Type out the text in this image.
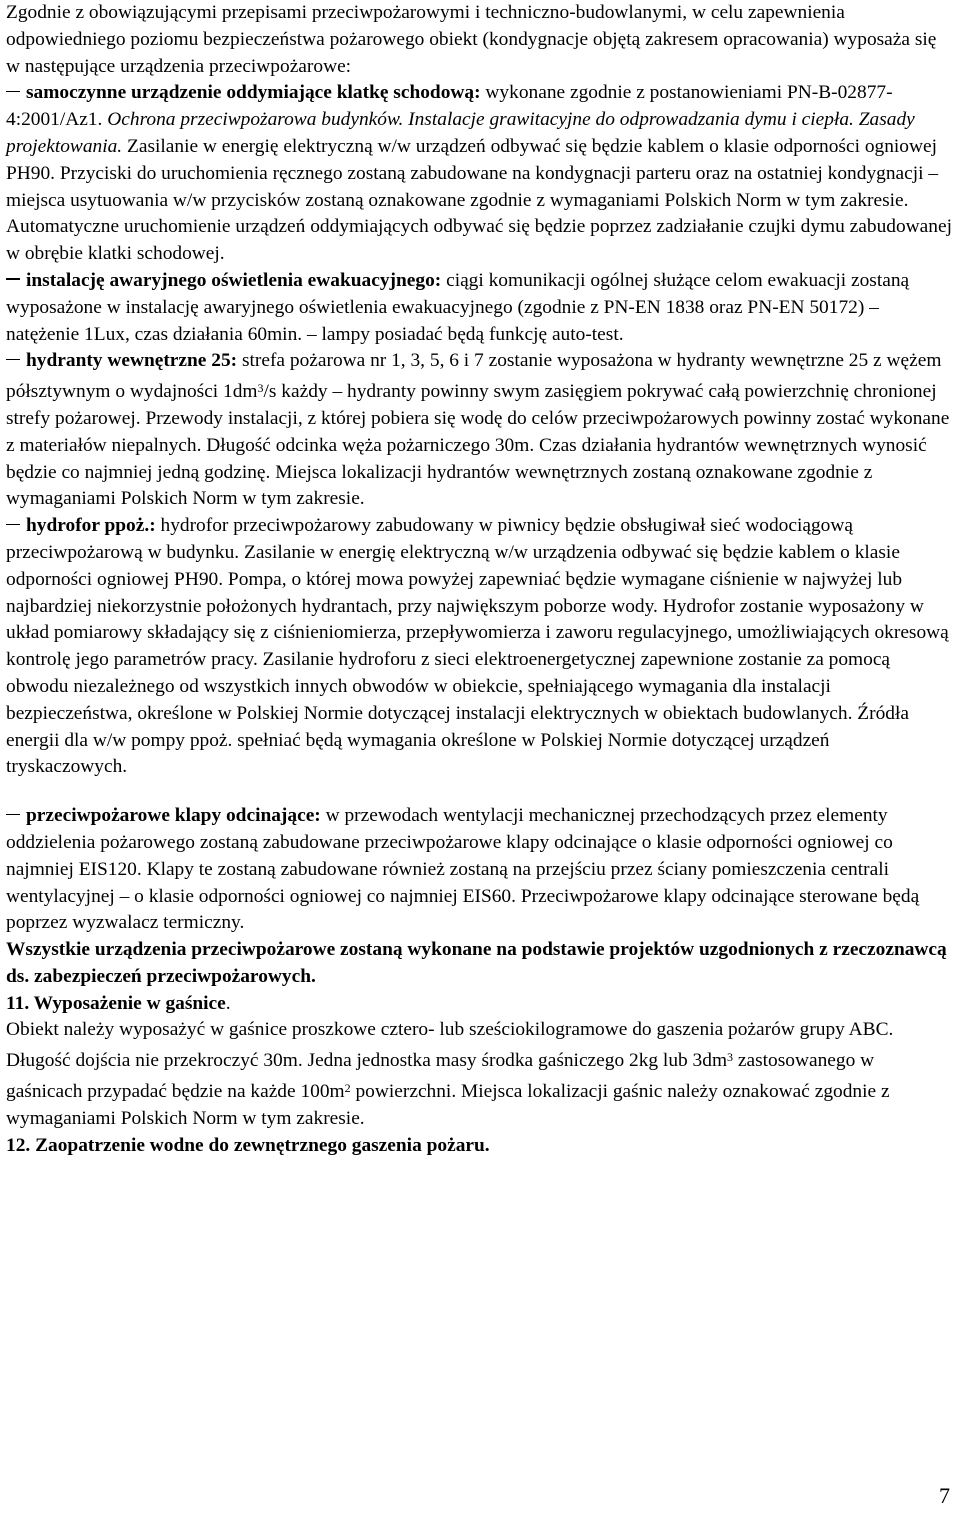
Zgodnie z obowiązującymi przepisami przeciwpożarowymi i techniczno-budowlanymi, w celu zapewnienia odpowiedniego poziomu bezpieczeństwa pożarowego obiekt (kondygnacje objętą zakresem opracowania) wyposaża się w następujące urządzenia przeciwpożarowe:

samoczynne urządzenie oddymiające klatkę schodową: wykonane zgodnie z postanowieniami PN-B-02877-4:2001/Az1. Ochrona przeciwpożarowa budynków. Instalacje grawitacyjne do odprowadzania dymu i ciepła. Zasady projektowania. Zasilanie w energię elektryczną w/w urządzeń odbywać się będzie kablem o klasie odporności ogniowej PH90. Przyciski do uruchomienia ręcznego zostaną zabudowane na kondygnacji parteru oraz na ostatniej kondygnacji – miejsca usytuowania w/w przycisków zostaną oznakowane zgodnie z wymaganiami Polskich Norm w tym zakresie. Automatyczne uruchomienie urządzeń oddymiających odbywać się będzie poprzez zadziałanie czujki dymu zabudowanej w obrębie klatki schodowej.

instalację awaryjnego oświetlenia ewakuacyjnego: ciągi komunikacji ogólnej służące celom ewakuacji zostaną wyposażone w instalację awaryjnego oświetlenia ewakuacyjnego (zgodnie z PN-EN 1838 oraz PN-EN 50172) – natężenie 1Lux, czas działania 60min. – lampy posiadać będą funkcję auto-test.

hydranty wewnętrzne 25: strefa pożarowa nr 1, 3, 5, 6 i 7 zostanie wyposażona w hydranty wewnętrzne 25 z wężem półsztywnym o wydajności $1dm^3/s$ każdy – hydranty powinny swym zasięgiem pokrywać całą powierzchnię chronionej strefy pożarowej. Przewody instalacji, z której pobiera się wodę do celów przeciwpożarowych powinny zostać wykonane z materiałów niepalnych. Długość odcinka węża pożarniczego 30m. Czas działania hydrantów wewnętrznych wynosić będzie co najmniej jedną godzinę. Miejsca lokalizacji hydrantów wewnętrznych zostaną oznakowane zgodnie z wymaganiami Polskich Norm w tym zakresie.

hydrofor ppoż.: hydrofor przeciwpożarowy zabudowany w piwnicy będzie obsługiwał sieć wodociągową przeciwpożarową w budynku. Zasilanie w energię elektryczną w/w urządzenia odbywać się będzie kablem o klasie odporności ogniowej PH90. Pompa, o której mowa powyżej zapewniać będzie wymagane ciśnienie w najwyżej lub najbardziej niekorzystnie położonych hydrantach, przy największym poborze wody. Hydrofor zostanie wyposażony w układ pomiarowy składający się z ciśnieniomierza, przepływomierza i zaworu regulacyjnego, umożliwiających okresową kontrolę jego parametrów pracy. Zasilanie hydroforu z sieci elektroenergetycznej zapewnione zostanie za pomocą obwodu niezależnego od wszystkich innych obwodów w obiekcie, spełniającego wymagania dla instalacji bezpieczeństwa, określone w Polskiej Normie dotyczącej instalacji elektrycznych w obiektach budowlanych. Źródła energii dla w/w pompy ppoż. spełniać będą wymagania określone w Polskiej Normie dotyczącej urządzeń tryskaczowych.

przeciwpożarowe klapy odcinające: w przewodach wentylacji mechanicznej przechodzących przez elementy oddzielenia pożarowego zostaną zabudowane przeciwpożarowe klapy odcinające o klasie odporności ogniowej co najmniej EIS120. Klapy te zostaną zabudowane również zostaną na przejściu przez ściany pomieszczenia centrali wentylacyjnej – o klasie odporności ogniowej co najmniej EIS60. Przeciwpożarowe klapy odcinające sterowane będą poprzez wyzwalacz termiczny.

Wszystkie urządzenia przeciwpożarowe zostaną wykonane na podstawie projektów uzgodnionych z rzeczoznawcą ds. zabezpieczeń przeciwpożarowych.

11. Wyposażenie w gaśnice.

Obiekt należy wyposażyć w gaśnice proszkowe cztero- lub sześciokilogramowe do gaszenia pożarów grupy ABC. Długość dojścia nie przekroczyć 30m. Jedna jednostka masy środka gaśniczego 2kg lub $3dm^3$ zastosowanego w gaśnicach przypadać będzie na każde $100m^2$ powierzchni. Miejsca lokalizacji gaśnic należy oznakować zgodnie z wymaganiami Polskich Norm w tym zakresie.

12. Zaopatrzenie wodne do zewnętrznego gaszenia pożaru.

7
